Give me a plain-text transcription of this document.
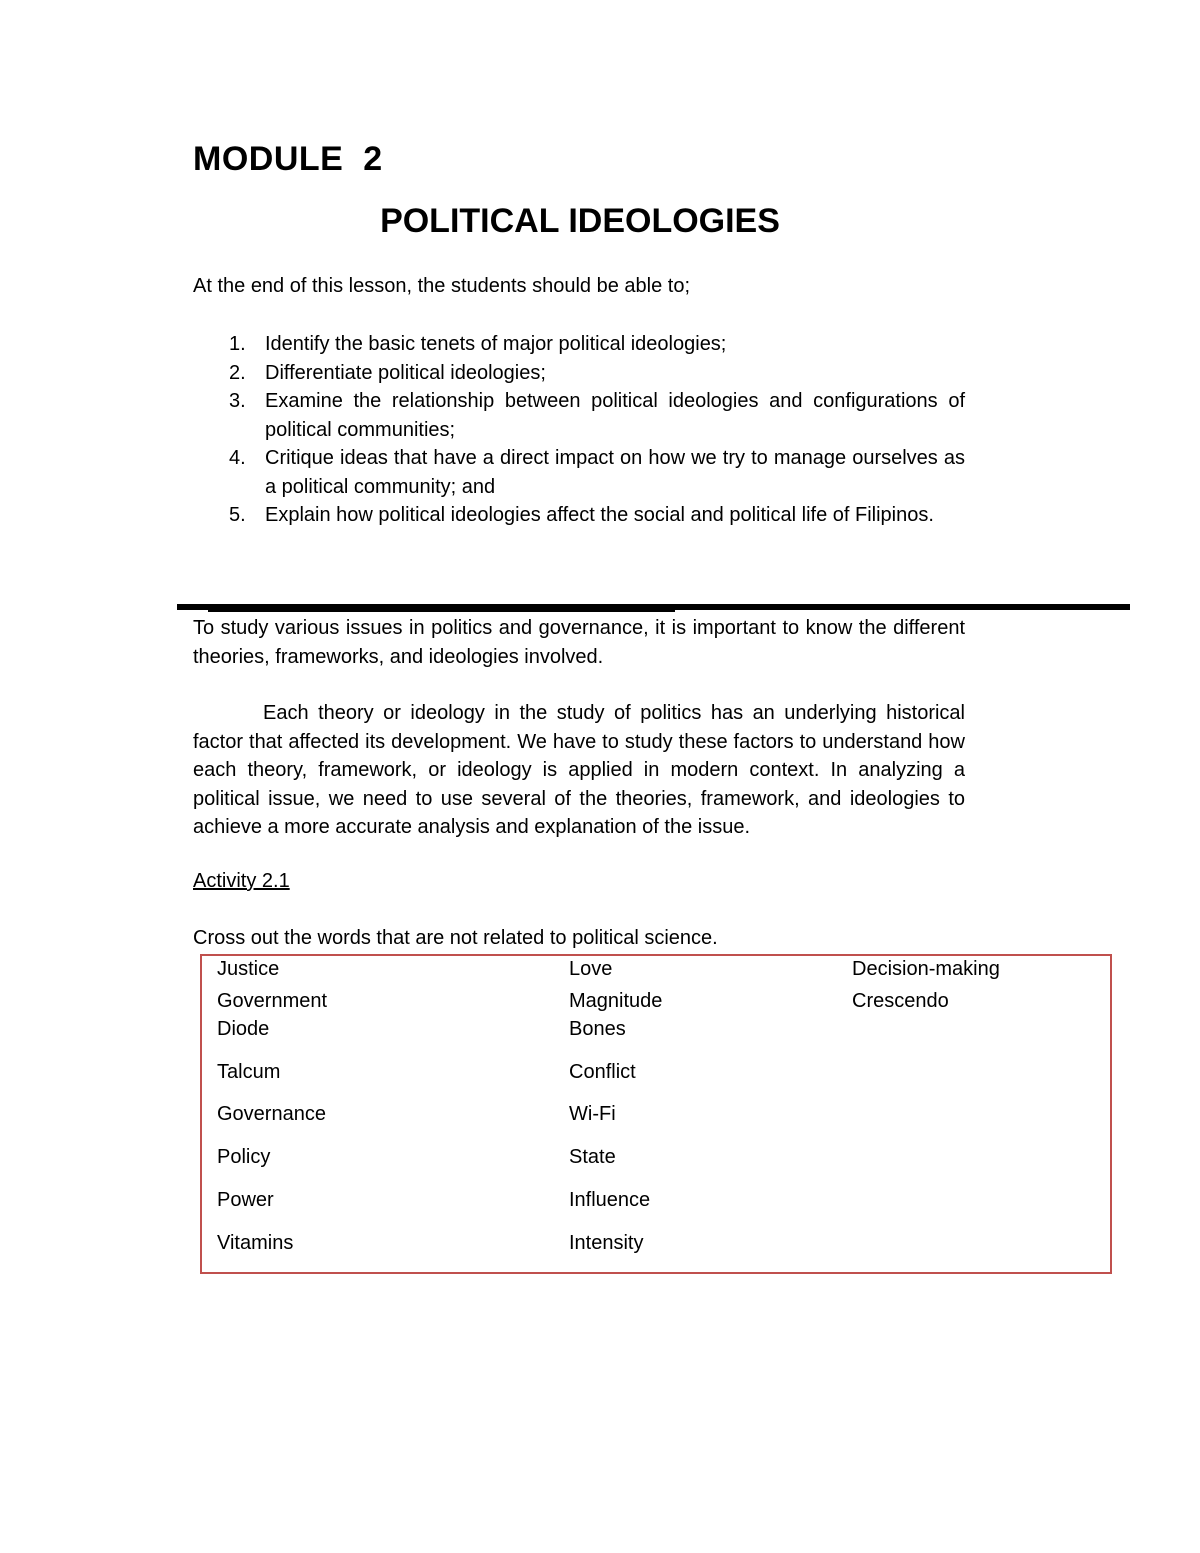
MODULE  2
POLITICAL IDEOLOGIES

At the end of this lesson, the students should be able to;

1. Identify the basic tenets of major political ideologies;
2. Differentiate political ideologies;
3. Examine the relationship between political ideologies and configurations of political communities;
4. Critique ideas that have a direct impact on how we try to manage ourselves as a political community; and
5. Explain how political ideologies affect the social and political life of Filipinos.

To study various issues in politics and governance, it is important to know the different theories, frameworks, and ideologies involved.

Each theory or ideology in the study of politics has an underlying historical factor that affected its development. We have to study these factors to understand how each theory, framework, or ideology is applied in modern context. In analyzing a political issue, we need to use several of the theories, framework, and ideologies to achieve a more accurate analysis and explanation of the issue.

Activity 2.1

Cross out the words that are not related to political science.

Justice

Government

Diode

Talcum

Governance

Policy

Power

Vitamins

Love

Magnitude

Bones

Conflict

Wi-Fi

State

Influence

Intensity

Decision-making

Crescendo
